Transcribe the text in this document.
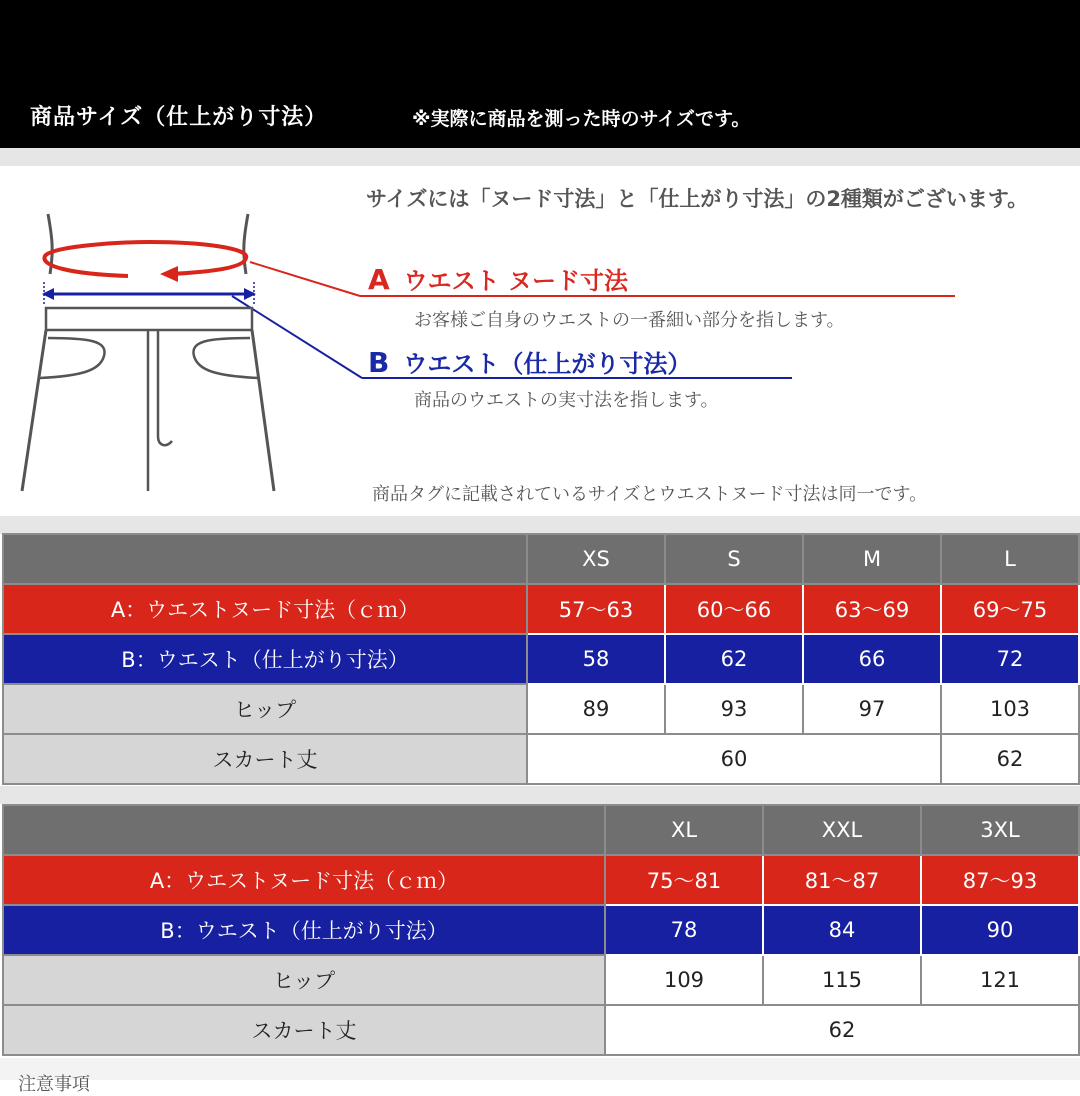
商品サイズ（仕上がり寸法）	※実際に商品を測った時のサイズです。
サイズには「ヌード寸法」と「仕上がり寸法」の2種類がございます。
A ウエスト ヌード寸法
お客様ご自身のウエストの一番細い部分を指します。
B ウエスト（仕上がり寸法）
商品のウエストの実寸法を指します。
商品タグに記載されているサイズとウエストヌード寸法は同一です。
	XS	S	M	L
A：ウエストヌード寸法（ｃｍ）	57〜63	60〜66	63〜69	69〜75
B：ウエスト（仕上がり寸法）	58	62	66	72
ヒップ	89	93	97	103
スカート丈	60			62
	XL	XXL	3XL
A：ウエストヌード寸法（ｃｍ）	75〜81	81〜87	87〜93
B：ウエスト（仕上がり寸法）	78	84	90
ヒップ	109	115	121
スカート丈	62		
注意事項
